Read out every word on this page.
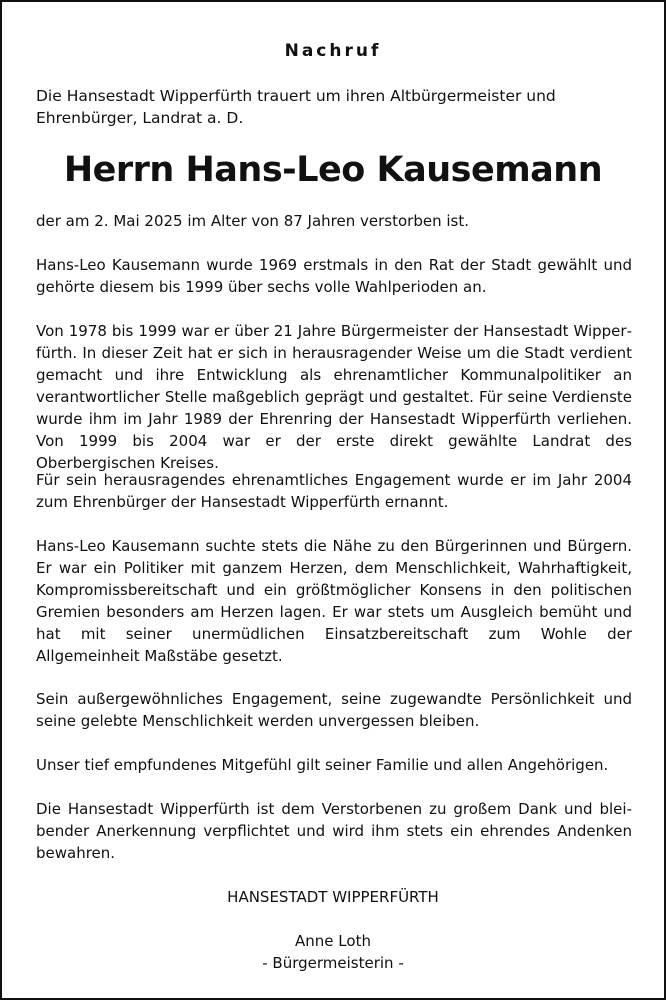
Nachruf

Die Hansestadt Wipperfürth trauert um ihren Altbürgermeister und Ehrenbürger, Landrat a. D.

Herrn Hans-Leo Kausemann

der am 2. Mai 2025 im Alter von 87 Jahren verstorben ist.

Hans-Leo Kausemann wurde 1969 erstmals in den Rat der Stadt gewählt und gehörte diesem bis 1999 über sechs volle Wahlperioden an.

Von 1978 bis 1999 war er über 21 Jahre Bürgermeister der Hansestadt Wipperfürth. In dieser Zeit hat er sich in herausragender Weise um die Stadt verdient gemacht und ihre Entwicklung als ehrenamtlicher Kommunalpolitiker an verantwortlicher Stelle maßgeblich geprägt und gestaltet. Für seine Verdienste wurde ihm im Jahr 1989 der Ehrenring der Hansestadt Wipperfürth verliehen. Von 1999 bis 2004 war er der erste direkt gewählte Landrat des Oberbergischen Kreises.

Für sein herausragendes ehrenamtliches Engagement wurde er im Jahr 2004 zum Ehrenbürger der Hansestadt Wipperfürth ernannt.

Hans-Leo Kausemann suchte stets die Nähe zu den Bürgerinnen und Bürgern. Er war ein Politiker mit ganzem Herzen, dem Menschlichkeit, Wahrhaftigkeit, Kompromissbereitschaft und ein größtmöglicher Konsens in den politischen Gremien besonders am Herzen lagen. Er war stets um Ausgleich bemüht und hat mit seiner unermüdlichen Einsatzbereitschaft zum Wohle der Allgemeinheit Maßstäbe gesetzt.

Sein außergewöhnliches Engagement, seine zugewandte Persönlichkeit und seine gelebte Menschlichkeit werden unvergessen bleiben.

Unser tief empfundenes Mitgefühl gilt seiner Familie und allen Angehörigen.

Die Hansestadt Wipperfürth ist dem Verstorbenen zu großem Dank und bleibender Anerkennung verpflichtet und wird ihm stets ein ehrendes Andenken bewahren.

HANSESTADT WIPPERFÜRTH

Anne Loth

- Bürgermeisterin -
